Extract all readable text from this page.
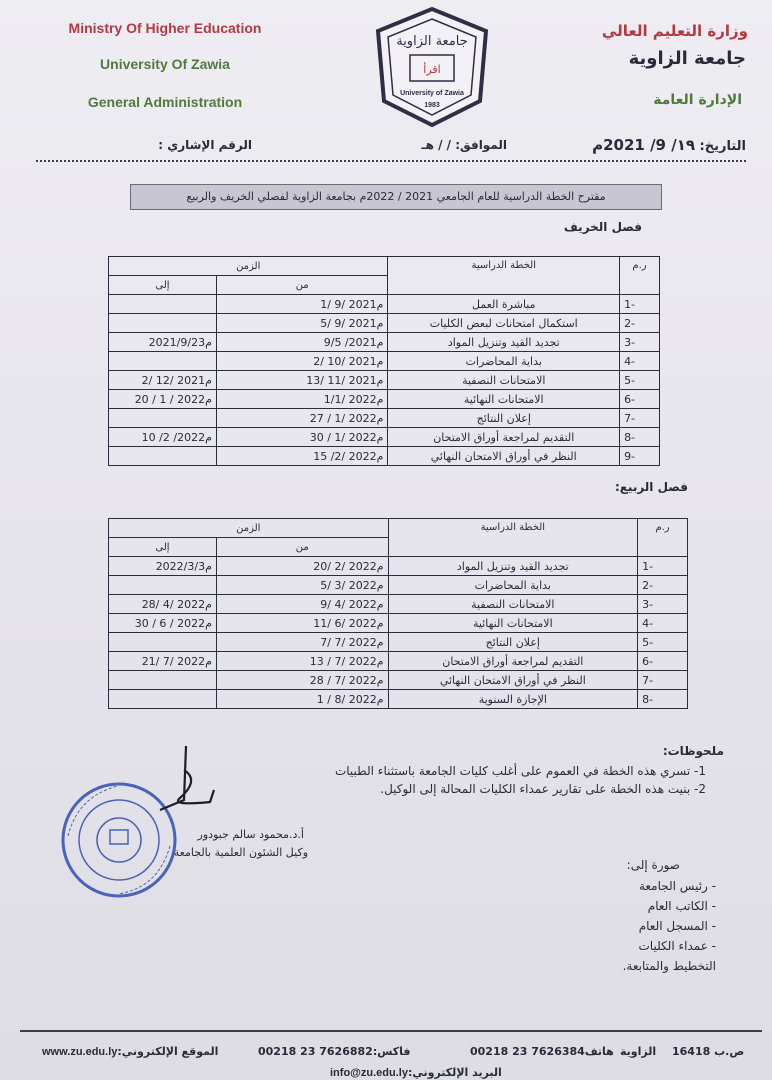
Ministry Of Higher Education
University Of Zawia
General Administration
جامعة الزاوية
اقرأ
University of Zawia
1983
وزارة التعليم العالي
جامعة الزاوية
الإدارة العامة
التاريخ: ١٩/ 9/ 2021م
الموافق: / / هـ
الرقم الإشاري :
مقترح الخطة الدراسية للعام الجامعي 2021 / 2022م بجامعة الزاوية لفصلي الخريف والربيع
فصل الخريف
الزمن		الخطة الدراسية	ر.م
إلى	من		
	1/ 9/ 2021م	مباشرة العمل	1-
	5/ 9/ 2021م	استكمال امتحانات لبعض الكليات	2-
2021/9/23م	9/5 /2021م	تجديد القيد وتنزيل المواد	3-
	2/ 10/ 2021م	بداية المحاضرات	4-
2/ 12/ 2021م	13/ 11/ 2021م	الامتحانات النصفية	5-
20 / 1 / 2022م	1/1/ 2022م	الامتحانات النهائية	6-
	27 / 1/ 2022م	إعلان النتائج	7-
10 /2 /2022م	30 / 1/ 2022م	التقديم لمراجعة أوراق الامتحان	8-
	15 /2/ 2022م	النظر في أوراق الامتحان النهائي	9-
فصل الربيع:
الزمن		الخطة الدراسية	ر.م
إلى	من		
2022/3/3م	20/ 2/ 2022م	تجديد القيد وتنزيل المواد	1-
	5/ 3/ 2022م	بداية المحاضرات	2-
28/ 4/ 2022م	9/ 4/ 2022م	الامتحانات النصفية	3-
30 / 6 / 2022م	11/ 6/ 2022م	الامتحانات النهائية	4-
	7/ 7/ 2022م	إعلان النتائج	5-
21/ 7/ 2022م	13 / 7/ 2022م	التقديم لمراجعة أوراق الامتحان	6-
	28 / 7/ 2022م	النظر في أوراق الامتحان النهائي	7-
	1 / 8/ 2022م	الإجازة السنوية	8-
ملحوظات:
1- تسري هذه الخطة في العموم على أغلب كليات الجامعة باستثناء الطبيات
2- بنيت هذه الخطة على تقارير عمداء الكليات المحالة إلى الوكيل.
أ.د.محمود سالم جبودور
وكيل الشئون العلمية بالجامعة
صورة إلى:
- رئيس الجامعة
- الكاتب العام
- المسجل العام
- عمداء الكليات
التخطيط والمتابعة.
www.zu.edu.ly:الموقع الإلكتروني	00218 23 7626882:فاكس	00218 23 7626384هاتف الزاوية 16418 ص.ب
info@zu.edu.ly:البريد الإلكتروني
